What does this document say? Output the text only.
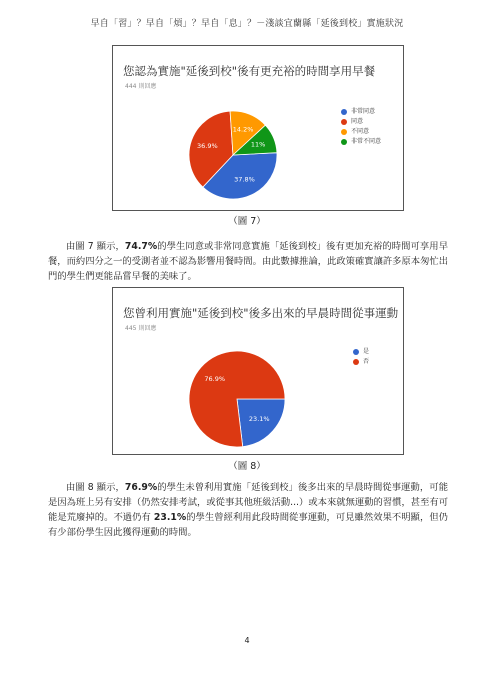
早自「習」？早自「煩」？早自「息」？－淺談宜蘭縣「延後到校」實施狀況
您認為實施"延後到校"後有更充裕的時間享用早餐
444 則回應
37.8%
36.9%
14.2%
11%
非常同意
同意
不同意
非常不同意
（圖 7）
由圖 7 顯示，74.7%的學生同意或非常同意實施「延後到校」後有更加充裕的時間可享用早餐，而約四分之一的受測者並不認為影響用餐時間。由此數據推論，此政策確實讓許多原本匆忙出門的學生們更能品嘗早餐的美味了。
您曾利用實施"延後到校"後多出來的早晨時間從事運動
445 則回應
23.1%
76.9%
是
否
（圖 8）
由圖 8 顯示，76.9%的學生未曾利用實施「延後到校」後多出來的早晨時間從事運動，可能是因為班上另有安排（仍然安排考試，或從事其他班級活動...）或本來就無運動的習慣，甚至有可能是荒廢掉的。不過仍有 23.1%的學生曾經利用此段時間從事運動，可見雖然效果不明顯，但仍有少部份學生因此獲得運動的時間。
4
